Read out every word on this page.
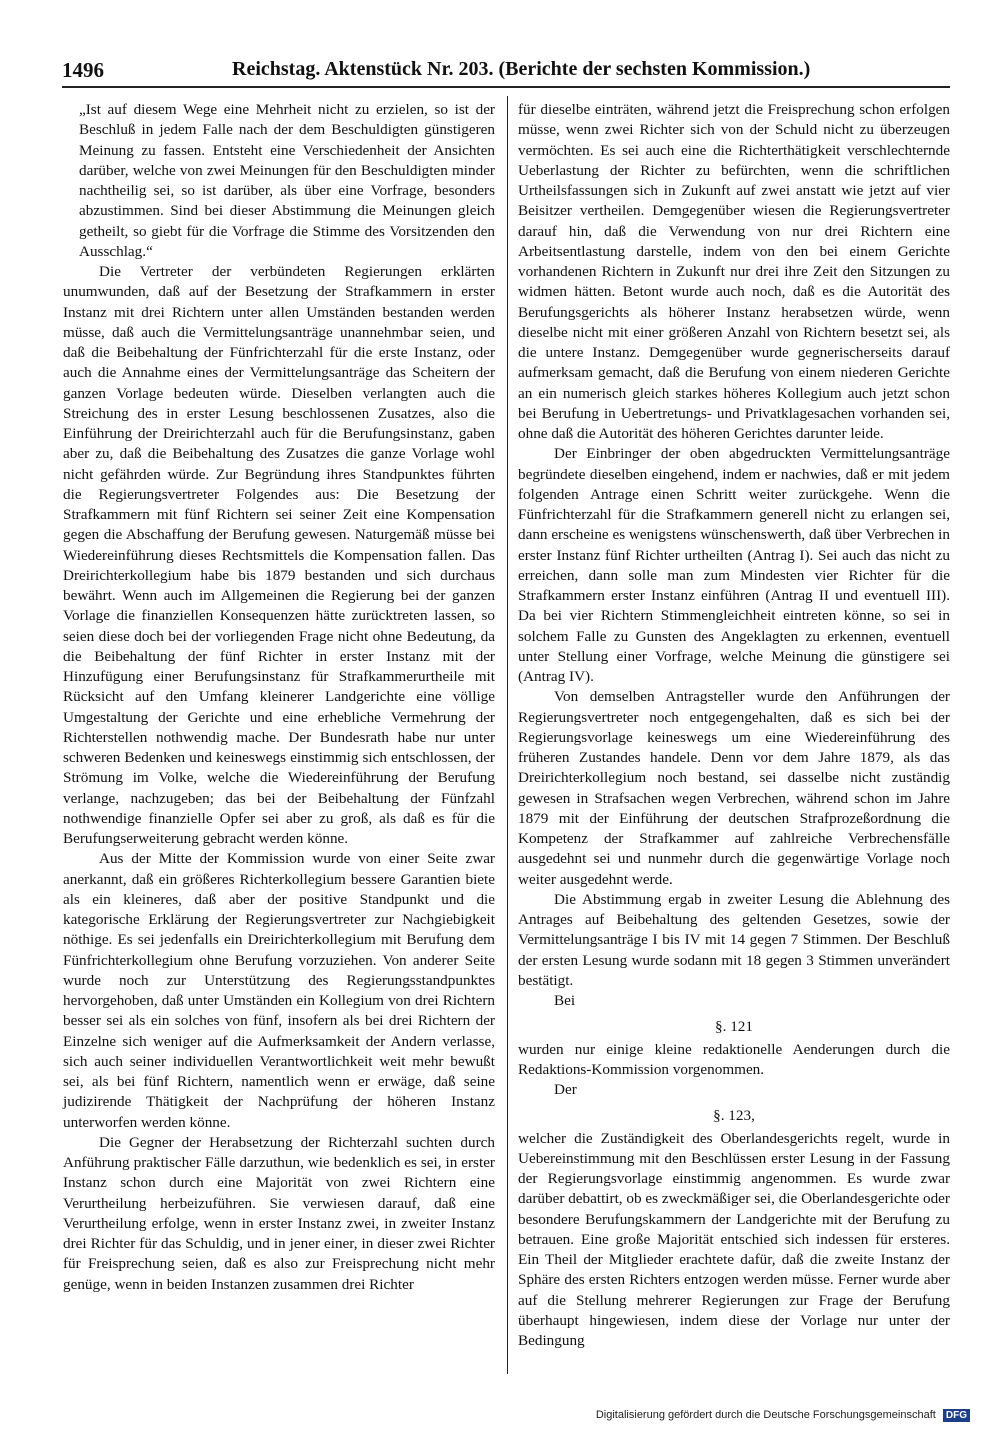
1496	Reichstag. Aktenstück Nr. 203. (Berichte der sechsten Kommission.)

„Ist auf diesem Wege eine Mehrheit nicht zu erzielen, so ist der Beschluß in jedem Falle nach der dem Beschuldigten günstigeren Meinung zu fassen. Entsteht eine Verschiedenheit der Ansichten darüber, welche von zwei Meinungen für den Beschuldigten minder nachtheilig sei, so ist darüber, als über eine Vorfrage, besonders abzustimmen. Sind bei dieser Abstimmung die Meinungen gleich getheilt, so giebt für die Vorfrage die Stimme des Vorsitzenden den Ausschlag.“

Die Vertreter der verbündeten Regierungen erklärten unumwunden, daß auf der Besetzung der Strafkammern in erster Instanz mit drei Richtern unter allen Umständen bestanden werden müsse, daß auch die Vermittelungsanträge unannehmbar seien, und daß die Beibehaltung der Fünfrichterzahl für die erste Instanz, oder auch die Annahme eines der Vermittelungsanträge das Scheitern der ganzen Vorlage bedeuten würde. Dieselben verlangten auch die Streichung des in erster Lesung beschlossenen Zusatzes, also die Einführung der Dreirichterzahl auch für die Berufungsinstanz, gaben aber zu, daß die Beibehaltung des Zusatzes die ganze Vorlage wohl nicht gefährden würde. Zur Begründung ihres Standpunktes führten die Regierungsvertreter Folgendes aus: Die Besetzung der Strafkammern mit fünf Richtern sei seiner Zeit eine Kompensation gegen die Abschaffung der Berufung gewesen. Naturgemäß müsse bei Wiedereinführung dieses Rechtsmittels die Kompensation fallen. Das Dreirichterkollegium habe bis 1879 bestanden und sich durchaus bewährt. Wenn auch im Allgemeinen die Regierung bei der ganzen Vorlage die finanziellen Konsequenzen hätte zurücktreten lassen, so seien diese doch bei der vorliegenden Frage nicht ohne Bedeutung, da die Beibehaltung der fünf Richter in erster Instanz mit der Hinzufügung einer Berufungsinstanz für Strafkammerurtheile mit Rücksicht auf den Umfang kleinerer Landgerichte eine völlige Umgestaltung der Gerichte und eine erhebliche Vermehrung der Richterstellen nothwendig mache. Der Bundesrath habe nur unter schweren Bedenken und keineswegs einstimmig sich entschlossen, der Strömung im Volke, welche die Wiedereinführung der Berufung verlange, nachzugeben; das bei der Beibehaltung der Fünfzahl nothwendige finanzielle Opfer sei aber zu groß, als daß es für die Berufungserweiterung gebracht werden könne.

Aus der Mitte der Kommission wurde von einer Seite zwar anerkannt, daß ein größeres Richterkollegium bessere Garantien biete als ein kleineres, daß aber der positive Standpunkt und die kategorische Erklärung der Regierungsvertreter zur Nachgiebigkeit nöthige. Es sei jedenfalls ein Dreirichterkollegium mit Berufung dem Fünfrichterkollegium ohne Berufung vorzuziehen. Von anderer Seite wurde noch zur Unterstützung des Regierungsstandpunktes hervorgehoben, daß unter Umständen ein Kollegium von drei Richtern besser sei als ein solches von fünf, insofern als bei drei Richtern der Einzelne sich weniger auf die Aufmerksamkeit der Andern verlasse, sich auch seiner individuellen Verantwortlichkeit weit mehr bewußt sei, als bei fünf Richtern, namentlich wenn er erwäge, daß seine judizirende Thätigkeit der Nachprüfung der höheren Instanz unterworfen werden könne.

Die Gegner der Herabsetzung der Richterzahl suchten durch Anführung praktischer Fälle darzuthun, wie bedenklich es sei, in erster Instanz schon durch eine Majorität von zwei Richtern eine Verurtheilung herbeizuführen. Sie verwiesen darauf, daß eine Verurtheilung erfolge, wenn in erster Instanz zwei, in zweiter Instanz drei Richter für das Schuldig, und in jener einer, in dieser zwei Richter für Freisprechung seien, daß es also zur Freisprechung nicht mehr genüge, wenn in beiden Instanzen zusammen drei Richter

für dieselbe einträten, während jetzt die Freisprechung schon erfolgen müsse, wenn zwei Richter sich von der Schuld nicht zu überzeugen vermöchten. Es sei auch eine die Richterthätigkeit verschlechternde Ueberlastung der Richter zu befürchten, wenn die schriftlichen Urtheilsfassungen sich in Zukunft auf zwei anstatt wie jetzt auf vier Beisitzer vertheilen. Demgegenüber wiesen die Regierungsvertreter darauf hin, daß die Verwendung von nur drei Richtern eine Arbeitsentlastung darstelle, indem von den bei einem Gerichte vorhandenen Richtern in Zukunft nur drei ihre Zeit den Sitzungen zu widmen hätten. Betont wurde auch noch, daß es die Autorität des Berufungsgerichts als höherer Instanz herabsetzen würde, wenn dieselbe nicht mit einer größeren Anzahl von Richtern besetzt sei, als die untere Instanz. Demgegenüber wurde gegnerischerseits darauf aufmerksam gemacht, daß die Berufung von einem niederen Gerichte an ein numerisch gleich starkes höheres Kollegium auch jetzt schon bei Berufung in Uebertretungs- und Privatklagesachen vorhanden sei, ohne daß die Autorität des höheren Gerichtes darunter leide.

Der Einbringer der oben abgedruckten Vermittelungsanträge begründete dieselben eingehend, indem er nachwies, daß er mit jedem folgenden Antrage einen Schritt weiter zurückgehe. Wenn die Fünfrichterzahl für die Strafkammern generell nicht zu erlangen sei, dann erscheine es wenigstens wünschenswerth, daß über Verbrechen in erster Instanz fünf Richter urtheilten (Antrag I). Sei auch das nicht zu erreichen, dann solle man zum Mindesten vier Richter für die Strafkammern erster Instanz einführen (Antrag II und eventuell III). Da bei vier Richtern Stimmengleichheit eintreten könne, so sei in solchem Falle zu Gunsten des Angeklagten zu erkennen, eventuell unter Stellung einer Vorfrage, welche Meinung die günstigere sei (Antrag IV).

Von demselben Antragsteller wurde den Anführungen der Regierungsvertreter noch entgegengehalten, daß es sich bei der Regierungsvorlage keineswegs um eine Wiedereinführung des früheren Zustandes handele. Denn vor dem Jahre 1879, als das Dreirichterkollegium noch bestand, sei dasselbe nicht zuständig gewesen in Strafsachen wegen Verbrechen, während schon im Jahre 1879 mit der Einführung der deutschen Strafprozeßordnung die Kompetenz der Strafkammer auf zahlreiche Verbrechensfälle ausgedehnt sei und nunmehr durch die gegenwärtige Vorlage noch weiter ausgedehnt werde.

Die Abstimmung ergab in zweiter Lesung die Ablehnung des Antrages auf Beibehaltung des geltenden Gesetzes, sowie der Vermittelungsanträge I bis IV mit 14 gegen 7 Stimmen. Der Beschluß der ersten Lesung wurde sodann mit 18 gegen 3 Stimmen unverändert bestätigt.

Bei

§. 121

wurden nur einige kleine redaktionelle Aenderungen durch die Redaktions-Kommission vorgenommen.

Der

§. 123,

welcher die Zuständigkeit des Oberlandesgerichts regelt, wurde in Uebereinstimmung mit den Beschlüssen erster Lesung in der Fassung der Regierungsvorlage einstimmig angenommen. Es wurde zwar darüber debattirt, ob es zweckmäßiger sei, die Oberlandesgerichte oder besondere Berufungskammern der Landgerichte mit der Berufung zu betrauen. Eine große Majorität entschied sich indessen für ersteres. Ein Theil der Mitglieder erachtete dafür, daß die zweite Instanz der Sphäre des ersten Richters entzogen werden müsse. Ferner wurde aber auf die Stellung mehrerer Regierungen zur Frage der Berufung überhaupt hingewiesen, indem diese der Vorlage nur unter der Bedingung

Digitalisierung gefördert durch die Deutsche Forschungsgemeinschaft DFG
